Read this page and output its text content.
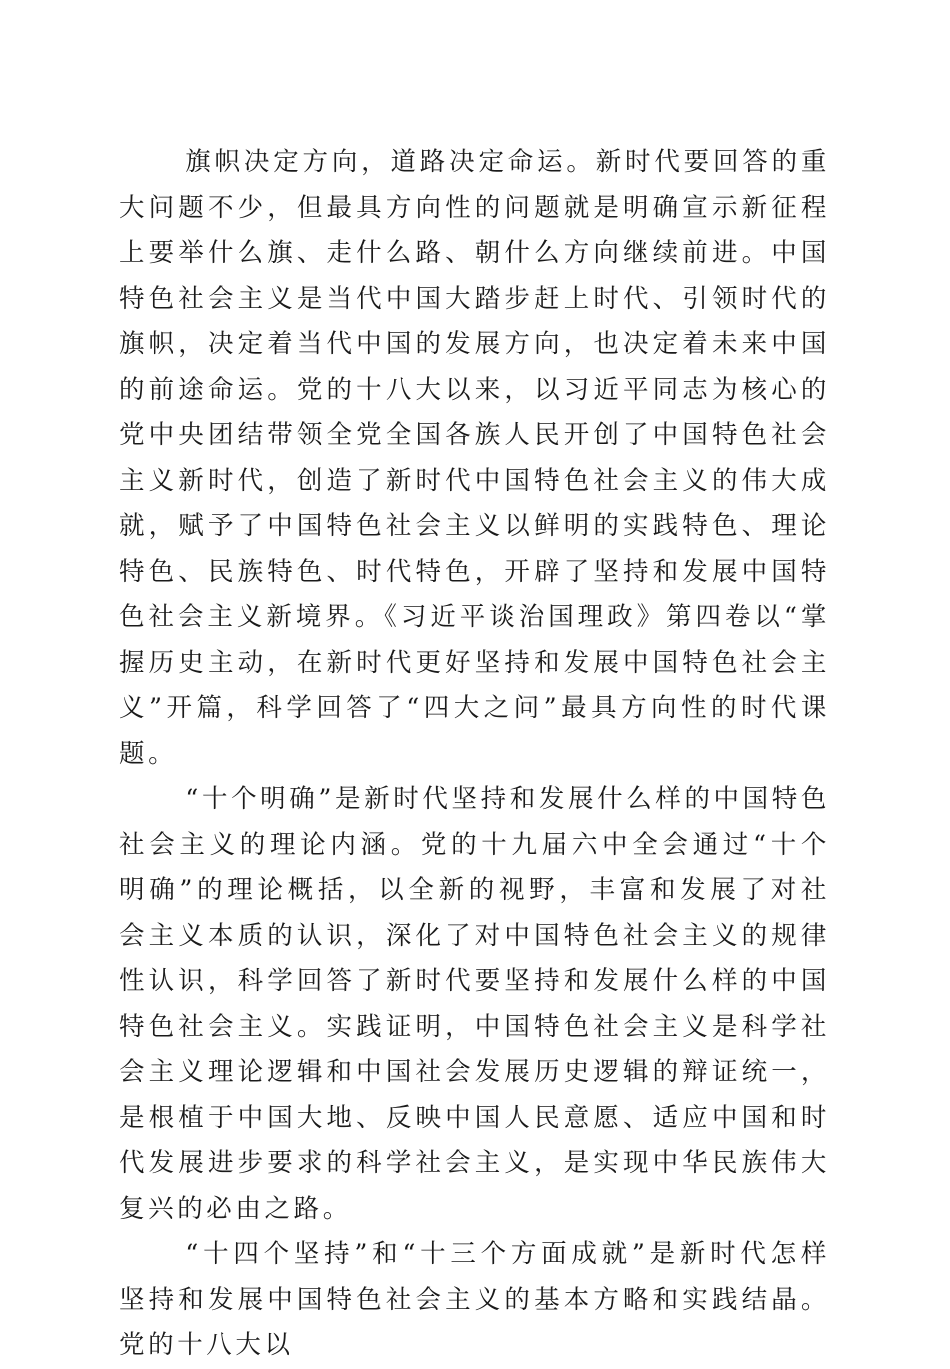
旗帜决定方向，道路决定命运。新时代要回答的重大问题不少，但最具方向性的问题就是明确宣示新征程上要举什么旗、走什么路、朝什么方向继续前进。中国特色社会主义是当代中国大踏步赶上时代、引领时代的旗帜，决定着当代中国的发展方向，也决定着未来中国的前途命运。党的十八大以来，以习近平同志为核心的党中央团结带领全党全国各族人民开创了中国特色社会主义新时代，创造了新时代中国特色社会主义的伟大成就，赋予了中国特色社会主义以鲜明的实践特色、理论特色、民族特色、时代特色，开辟了坚持和发展中国特色社会主义新境界。《习近平谈治国理政》第四卷以“掌握历史主动，在新时代更好坚持和发展中国特色社会主义”开篇，科学回答了“四大之问”最具方向性的时代课题。

“十个明确”是新时代坚持和发展什么样的中国特色社会主义的理论内涵。党的十九届六中全会通过“十个明确”的理论概括，以全新的视野，丰富和发展了对社会主义本质的认识，深化了对中国特色社会主义的规律性认识，科学回答了新时代要坚持和发展什么样的中国特色社会主义。实践证明，中国特色社会主义是科学社会主义理论逻辑和中国社会发展历史逻辑的辩证统一，是根植于中国大地、反映中国人民意愿、适应中国和时代发展进步要求的科学社会主义，是实现中华民族伟大复兴的必由之路。

“十四个坚持”和“十三个方面成就”是新时代怎样坚持和发展中国特色社会主义的基本方略和实践结晶。党的十八大以
